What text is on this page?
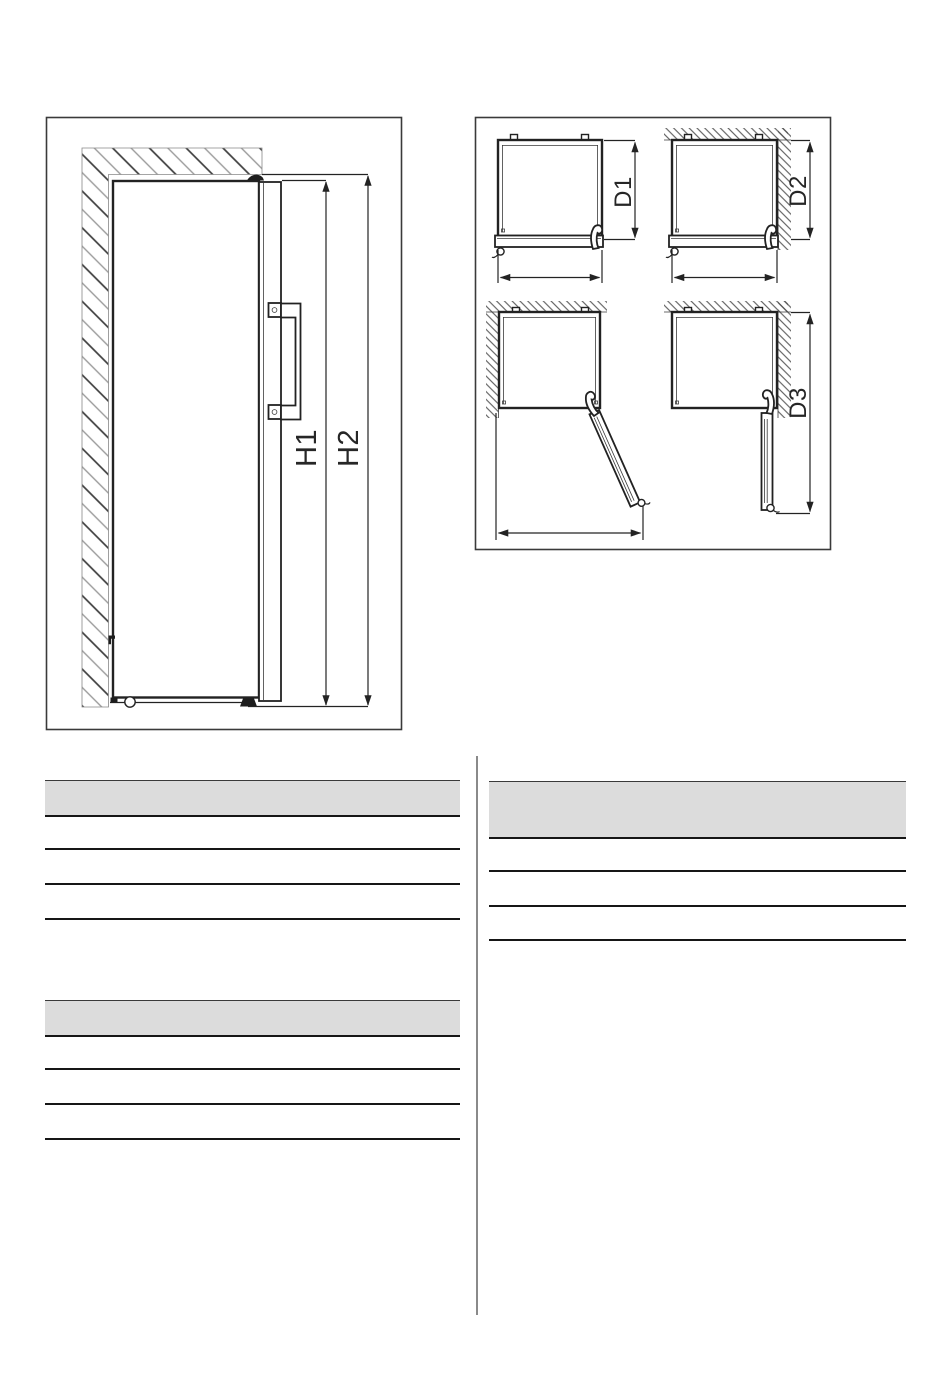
H1 H2
D1	D2
D3
